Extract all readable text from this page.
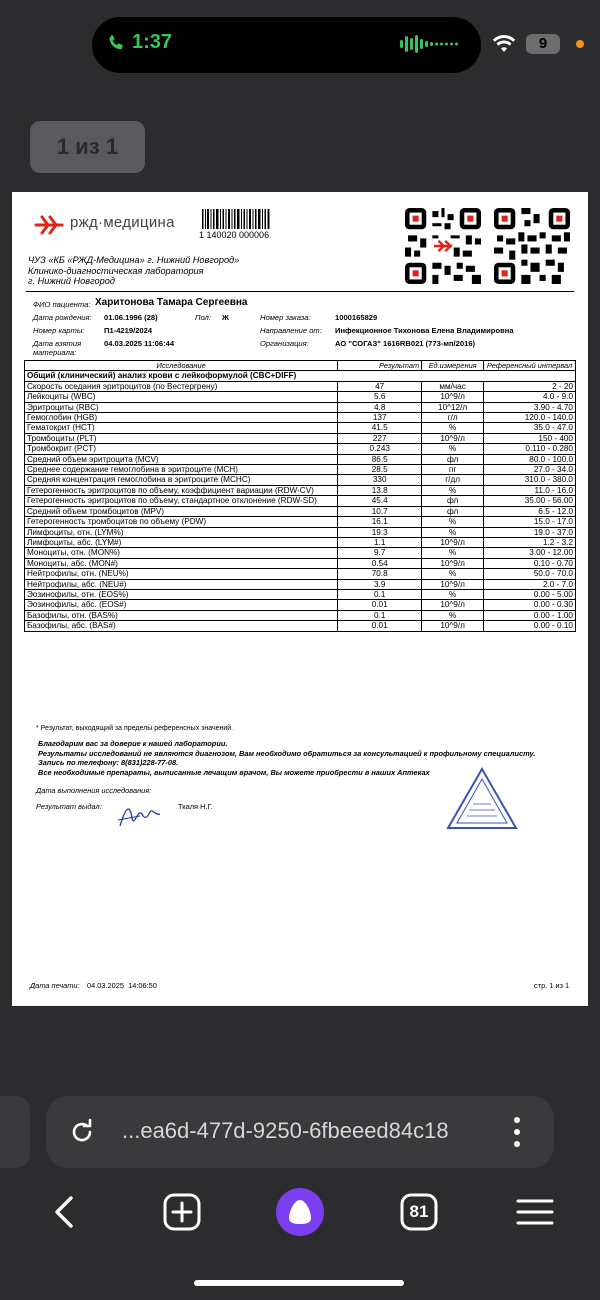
1:37	9
1 из 1
ржд·медицина
1 140020 000006
ЧУЗ «КБ «РЖД-Медицина» г. Нижний Новгород»
Клинико-диагностическая лаборатория
г. Нижний Новгород
ФИО пациента: Харитонова Тамара Сергеевна
Дата рождения: 01.06.1996 (28)	Пол: Ж	Номер заказа:	1000165829
Номер карты:	П1-4219/2024	Направление от: Инфекционное Тихонова Елена Владимировна
Дата взятия
материала:
04.03.2025 11:06:44	Организация:	АО "СОГАЗ" 1616RB021 (773-мп/2016)
Исследование	Результат	Ед.измерения	Референсный интервал
Общий (клинический) анализ крови с лейкоформулой (CBC+DIFF)			
Скорость оседания эритроцитов (по Вестергрену)	47	мм/час	2 - 20
Лейкоциты (WBC)	5.6	10^9/л	4.0 - 9.0
Эритроциты (RBC)	4.8	10^12/л	3.90 - 4.70
Гемоглобин (HGB)	137	г/л	120.0 - 140.0
Гематокрит (HCT)	41.5	%	35.0 - 47.0
Тромбоциты (PLT)	227	10^9/л	150 - 400
Тромбокрит (PCT)	0.243	%	0.110 - 0.280
Средний объем эритроцита (MCV)	86.5	фл	80.0 - 100.0
Среднее содержание гемоглобина в эритроците (MCH)	28.5	пг	27.0 - 34.0
Средняя концентрация гемоглобина в эритроците (MCHC)	330	г/дл	310.0 - 380.0
Гетерогенность эритроцитов по объему, коэффициент вариации (RDW-CV)	13.8	%	11.0 - 16.0
Гетерогенность эритроцитов по объему, стандартное отклонение (RDW-SD)	45.4	фл	35.00 - 56.00
Средний объем тромбоцитов (MPV)	10.7	фл	6.5 - 12.0
Гетерогенность тромбоцитов по объему (PDW)	16.1	%	15.0 - 17.0
Лимфоциты, отн. (LYM%)	19.3	%	19.0 - 37.0
Лимфоциты, абс. (LYM#)	1.1	10^9/л	1.2 - 3.2
Моноциты, отн. (MON%)	9.7	%	3.00 - 12.00
Моноциты, абс. (MON#)	0.54	10^9/л	0.10 - 0.70
Нейтрофилы, отн. (NEU%)	70.8	%	50.0 - 70.0
Нейтрофилы, абс. (NEU#)	3.9	10^9/л	2.0 - 7.0
Эозинофилы, отн. (EOS%)	0.1	%	0.00 - 5.00
Эозинофилы, абс. (EOS#)	0.01	10^9/л	0.00 - 0.30
Базофилы, отн. (BAS%)	0.1	%	0.00 - 1.00
Базофилы, абс. (BAS#)	0.01	10^9/л	0.00 - 0.10
* Результат, выходящий за пределы референсных значений.
Благодарим вас за доверие к нашей лаборатории.
Результаты исследований не являются диагнозом, Вам необходимо обратиться за консультацией к профильному специалисту.
Запись по телефону: 8(831)228-77-08.
Все необходимые препараты, выписанные лечащим врачом, Вы можете приобрести в наших Аптеках
Дата выполнения исследования:
Результат выдал:	Ткаля Н.Г.
Дата печати: 04.03.2025  14:06:50	стр. 1 из 1
...ea6d-477d-9250-6fbeeed84c18
81
